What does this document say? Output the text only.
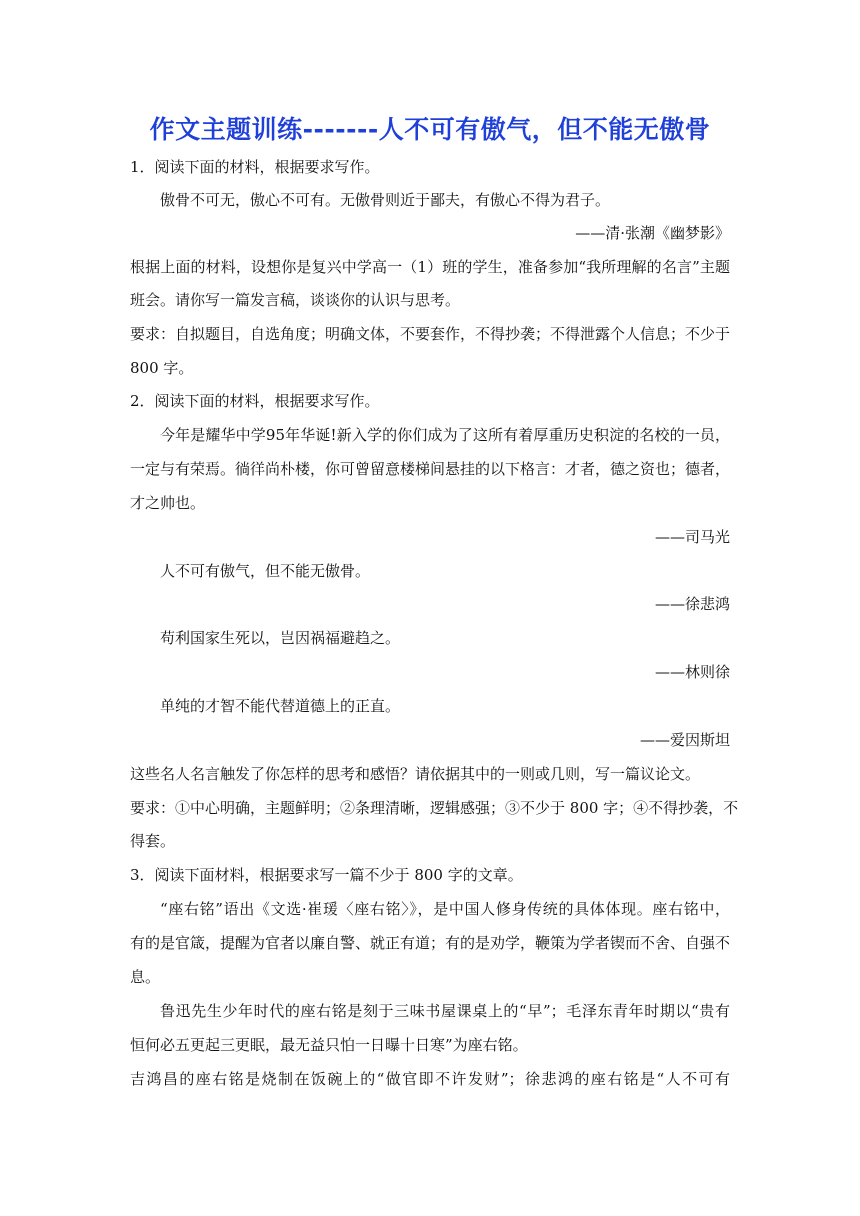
作文主题训练-------人不可有傲气，但不能无傲骨
1．阅读下面的材料，根据要求写作。
傲骨不可无，傲心不可有。无傲骨则近于鄙夫，有傲心不得为君子。
——清·张潮《幽梦影》
根据上面的材料，设想你是复兴中学高一（1）班的学生，准备参加“我所理解的名言”主题
班会。请你写一篇发言稿，谈谈你的认识与思考。
要求：自拟题目，自选角度；明确文体，不要套作，不得抄袭；不得泄露个人信息；不少于
800 字。
2．阅读下面的材料，根据要求写作。
今年是耀华中学95年华诞!新入学的你们成为了这所有着厚重历史积淀的名校的一员，
一定与有荣焉。徜徉尚朴楼，你可曾留意楼梯间悬挂的以下格言：才者，德之资也；德者，
才之帅也。
——司马光
人不可有傲气，但不能无傲骨。
——徐悲鸿
苟利国家生死以，岂因祸福避趋之。
——林则徐
单纯的才智不能代替道德上的正直。
——爱因斯坦
这些名人名言触发了你怎样的思考和感悟？请依据其中的一则或几则，写一篇议论文。
要求：①中心明确，主题鲜明；②条理清晰，逻辑感强；③不少于 800 字；④不得抄袭，不
得套。
3．阅读下面材料，根据要求写一篇不少于 800 字的文章。
“座右铭”语出《文选·崔瑗〈座右铭〉》，是中国人修身传统的具体体现。座右铭中，
有的是官箴，提醒为官者以廉自警、就正有道；有的是劝学，鞭策为学者锲而不舍、自强不
息。
鲁迅先生少年时代的座右铭是刻于三味书屋课桌上的“早”；毛泽东青年时期以“贵有
恒何必五更起三更眠，最无益只怕一日曝十日寒”为座右铭。
吉鸿昌的座右铭是烧制在饭碗上的“做官即不许发财”；徐悲鸿的座右铭是“人不可有
